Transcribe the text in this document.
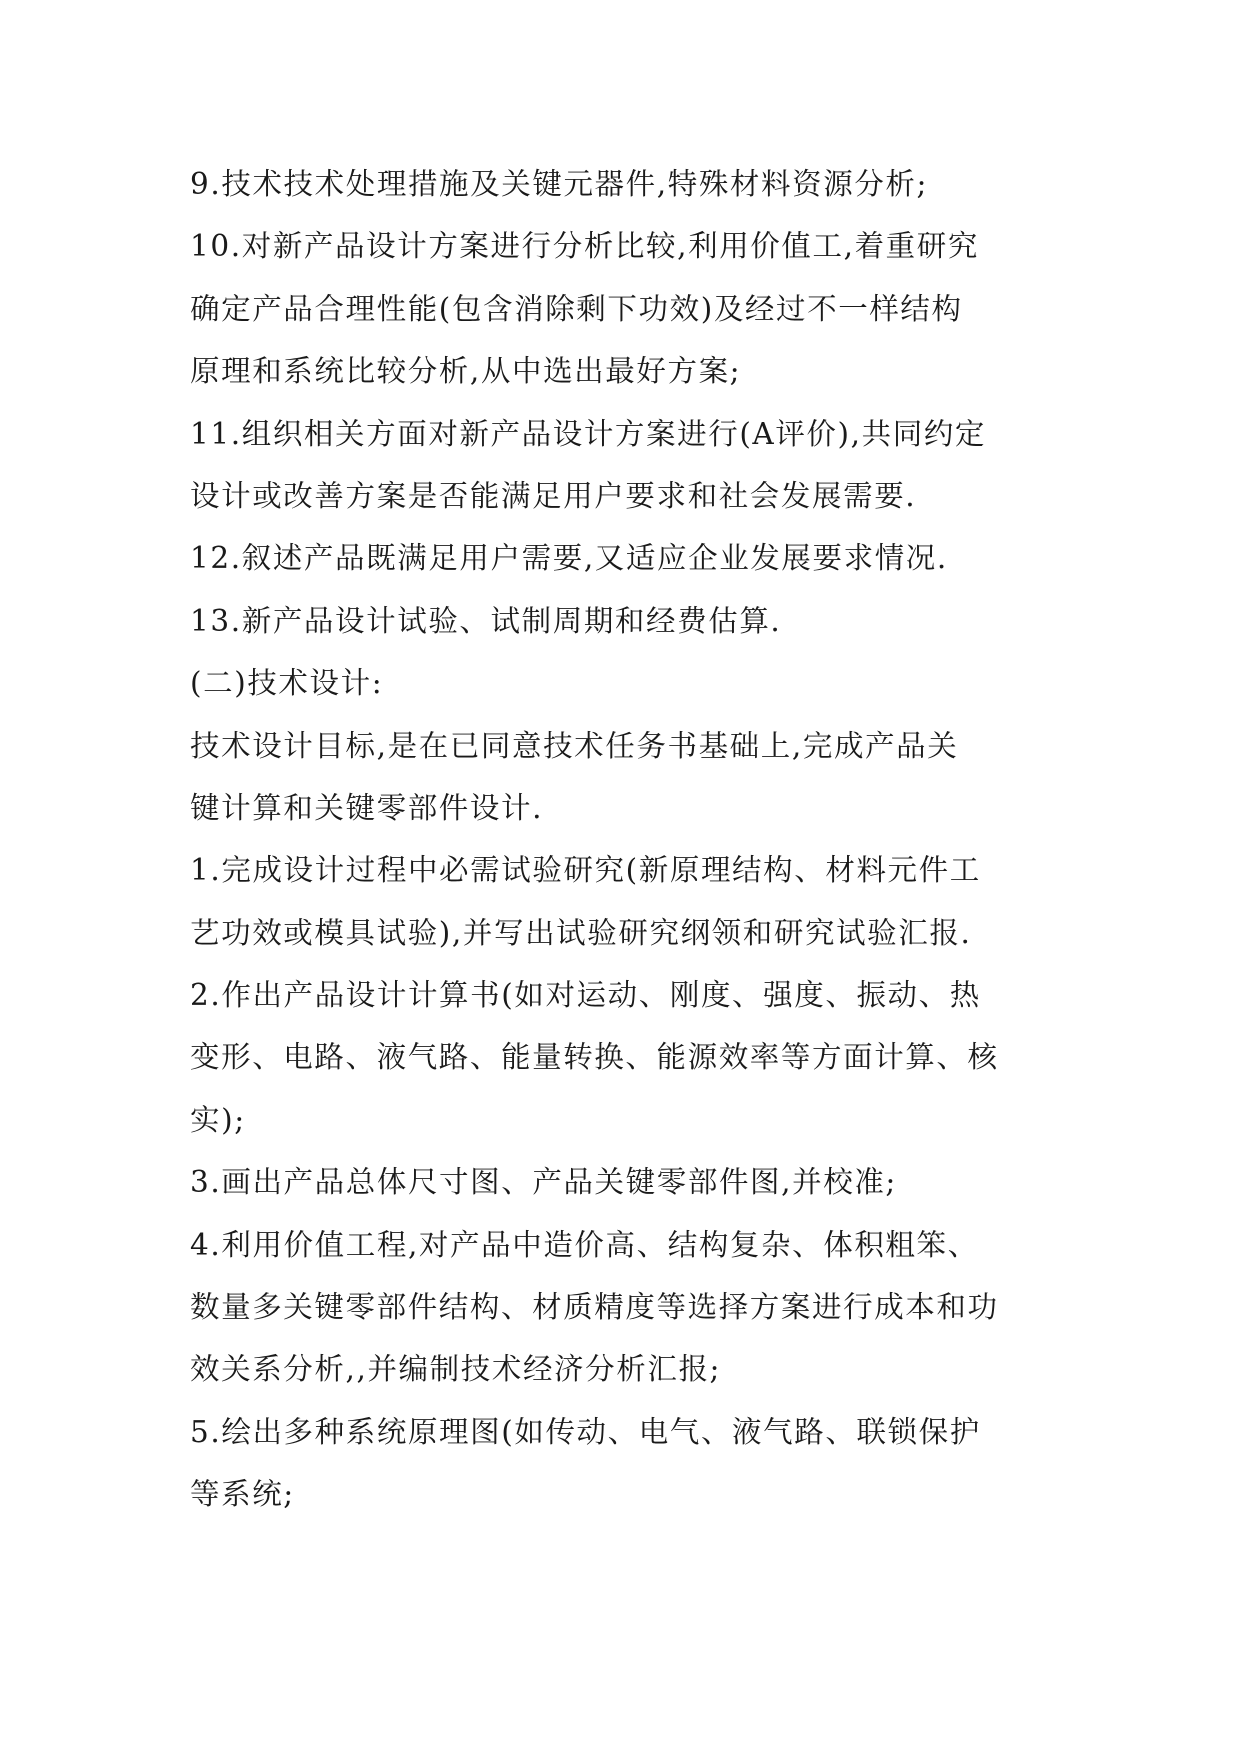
9.技术技术处理措施及关键元器件,特殊材料资源分析;

10.对新产品设计方案进行分析比较,利用价值工,着重研究

确定产品合理性能(包含消除剩下功效)及经过不一样结构

原理和系统比较分析,从中选出最好方案;

11.组织相关方面对新产品设计方案进行(A评价),共同约定

设计或改善方案是否能满足用户要求和社会发展需要.

12.叙述产品既满足用户需要,又适应企业发展要求情况.

13.新产品设计试验、试制周期和经费估算.

(二)技术设计:

技术设计目标,是在已同意技术任务书基础上,完成产品关

键计算和关键零部件设计.

1.完成设计过程中必需试验研究(新原理结构、材料元件工

艺功效或模具试验),并写出试验研究纲领和研究试验汇报.

2.作出产品设计计算书(如对运动、刚度、强度、振动、热

变形、电路、液气路、能量转换、能源效率等方面计算、核

实);

3.画出产品总体尺寸图、产品关键零部件图,并校准;

4.利用价值工程,对产品中造价高、结构复杂、体积粗笨、

数量多关键零部件结构、材质精度等选择方案进行成本和功

效关系分析,,并编制技术经济分析汇报;

5.绘出多种系统原理图(如传动、电气、液气路、联锁保护

等系统;
